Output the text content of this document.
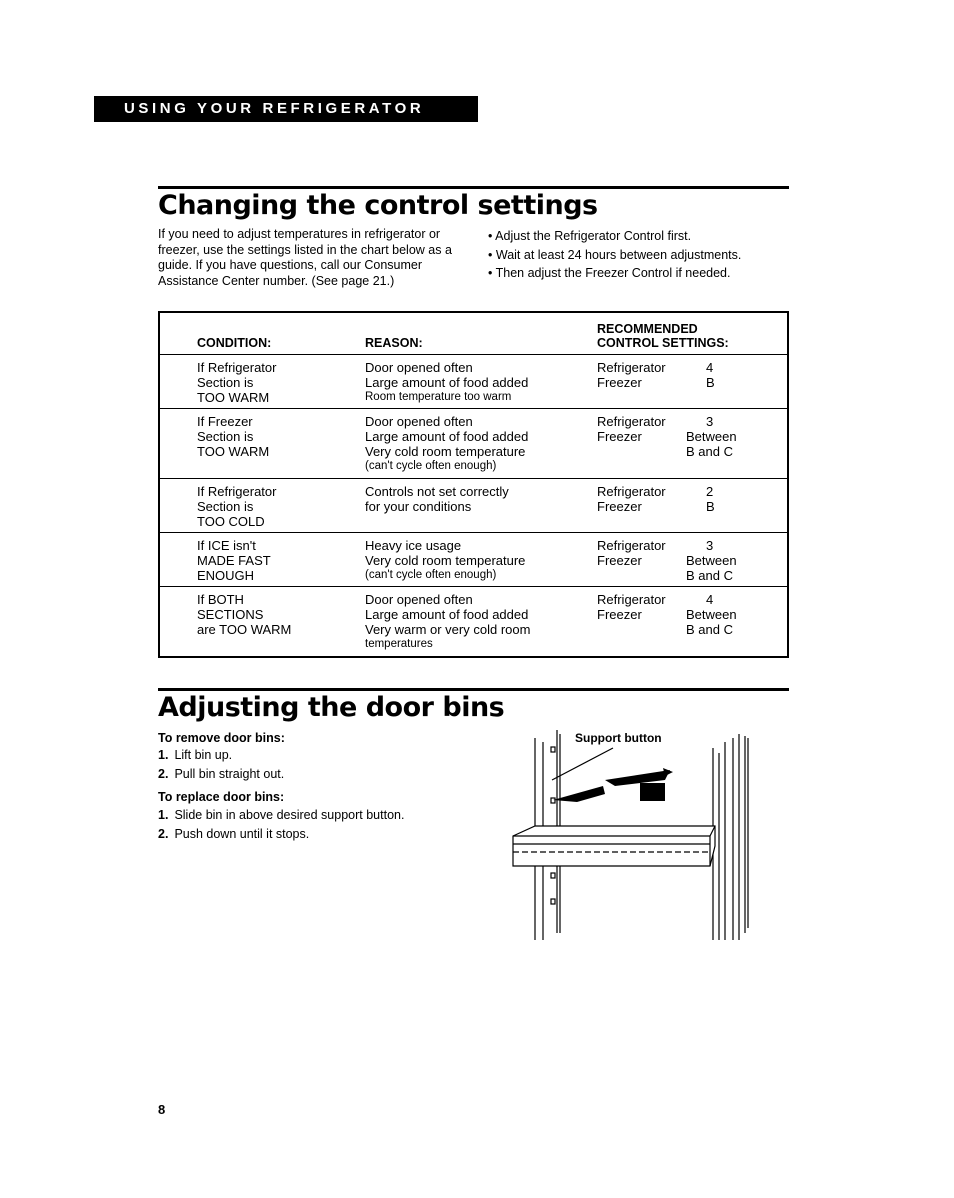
USING YOUR REFRIGERATOR
Changing the control settings
If you need to adjust temperatures in refrigerator or freezer, use the settings listed in the chart below as a guide. If you have questions, call our Consumer Assistance Center number. (See page 21.)
• Adjust the Refrigerator Control first.
• Wait at least 24 hours between adjustments.
• Then adjust the Freezer Control if needed.
CONDITION:	REASON:
RECOMMENDED
CONTROL SETTINGS:
If Refrigerator
Section is
TOO WARM
Door opened often
Large amount of food added
Room temperature too warm
Refrigerator
Freezer
4
B
If Freezer
Section is
TOO WARM
Door opened often
Large amount of food added
Very cold room temperature
(can't cycle often enough)
Refrigerator
Freezer
3
Between
B and C
If Refrigerator
Section is
TOO COLD
Controls not set correctly
for your conditions
Refrigerator
Freezer
2
B
If ICE isn't
MADE FAST
ENOUGH
Heavy ice usage
Very cold room temperature
(can't cycle often enough)
Refrigerator
Freezer
3
Between
B and C
If BOTH
SECTIONS
are TOO WARM
Door opened often
Large amount of food added
Very warm or very cold room
temperatures
Refrigerator
Freezer
4
Between
B and C
Adjusting the door bins
To remove door bins:
1. Lift bin up.
2. Pull bin straight out.
To replace door bins:
1. Slide bin in above desired support button.
2. Push down until it stops.
Support button
8
